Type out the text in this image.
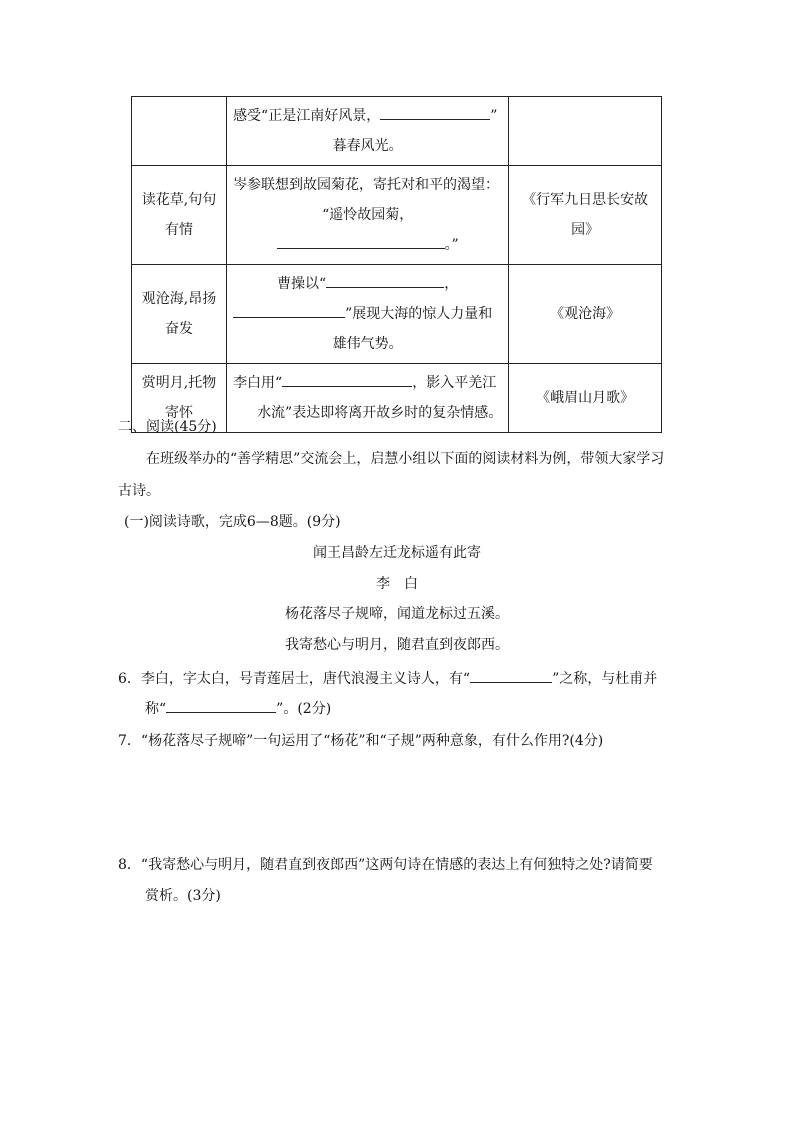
	感受“正是江南好风景， ”
暮春风光。	

读花草,句句有情	岑参联想到故园菊花，寄托对和平的渴望：
“遥怜故园菊，
。”	《行军九日思长安故园》
观沧海,昂扬奋发	曹操以“ ，
”展现大海的惊人力量和
雄伟气势。	《观沧海》
赏明月,托物寄怀	李白用“ ，影入平羌江
水流”表达即将离开故乡时的复杂情感。	《峨眉山月歌》
二、阅读(45分)
在班级举办的“善学精思”交流会上，启慧小组以下面的阅读材料为例，带领大家学习古诗。
(一)阅读诗歌，完成6—8题。(9分)
闻王昌龄左迁龙标遥有此寄
李　白
杨花落尽子规啼，闻道龙标过五溪。
我寄愁心与明月，随君直到夜郎西。
6．李白，字太白，号青莲居士，唐代浪漫主义诗人，有“	”之称，与杜甫并
称“	”。(2分)
7．“杨花落尽子规啼”一句运用了“杨花”和“子规”两种意象，有什么作用?(4分)
8．“我寄愁心与明月，随君直到夜郎西”这两句诗在情感的表达上有何独特之处?请简要
赏析。(3分)
